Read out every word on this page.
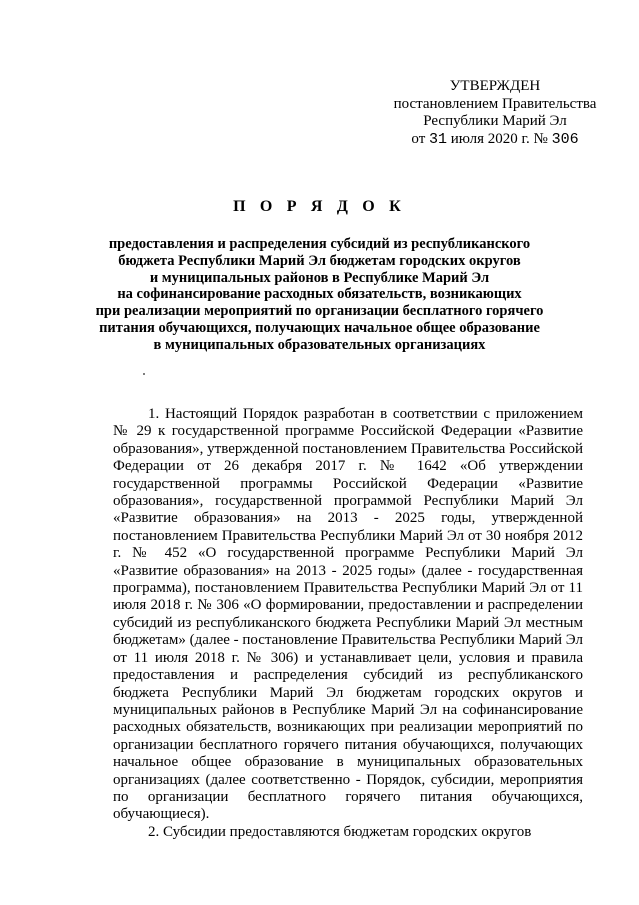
УТВЕРЖДЕН
постановлением Правительства
Республики Марий Эл
от 31 июля 2020 г. № 306
П О Р Я Д О К
предоставления и распределения субсидий из республиканского
бюджета Республики Марий Эл бюджетам городских округов
и муниципальных районов в Республике Марий Эл
на софинансирование расходных обязательств, возникающих
при реализации мероприятий по организации бесплатного горячего
питания обучающихся, получающих начальное общее образование
в муниципальных образовательных организациях

1. Настоящий Порядок разработан в соответствии с приложением № 29 к государственной программе Российской Федерации «Развитие образования», утвержденной постановлением Правительства Российской Федерации от 26 декабря 2017 г. № 1642 «Об утверждении государственной программы Российской Федерации «Развитие образования», государственной программой Республики Марий Эл «Развитие образования» на 2013 - 2025 годы, утвержденной постановлением Правительства Республики Марий Эл от 30 ноября 2012 г. № 452 «О государственной программе Республики Марий Эл «Развитие образования» на 2013 - 2025 годы» (далее - государственная программа), постановлением Правительства Республики Марий Эл от 11 июля 2018 г. № 306 «О формировании, предоставлении и распределении субсидий из республиканского бюджета Республики Марий Эл местным бюджетам» (далее - постановление Правительства Республики Марий Эл от 11 июля 2018 г. № 306) и устанавливает цели, условия и правила предоставления и распределения субсидий из республиканского бюджета Республики Марий Эл бюджетам городских округов и муниципальных районов в Республике Марий Эл на софинансирование расходных обязательств, возникающих при реализации мероприятий по организации бесплатного горячего питания обучающихся, получающих начальное общее образование в муниципальных образовательных организациях (далее соответственно - Порядок, субсидии, мероприятия по организации бесплатного горячего питания обучающихся, обучающиеся).

2. Субсидии предоставляются бюджетам городских округов
